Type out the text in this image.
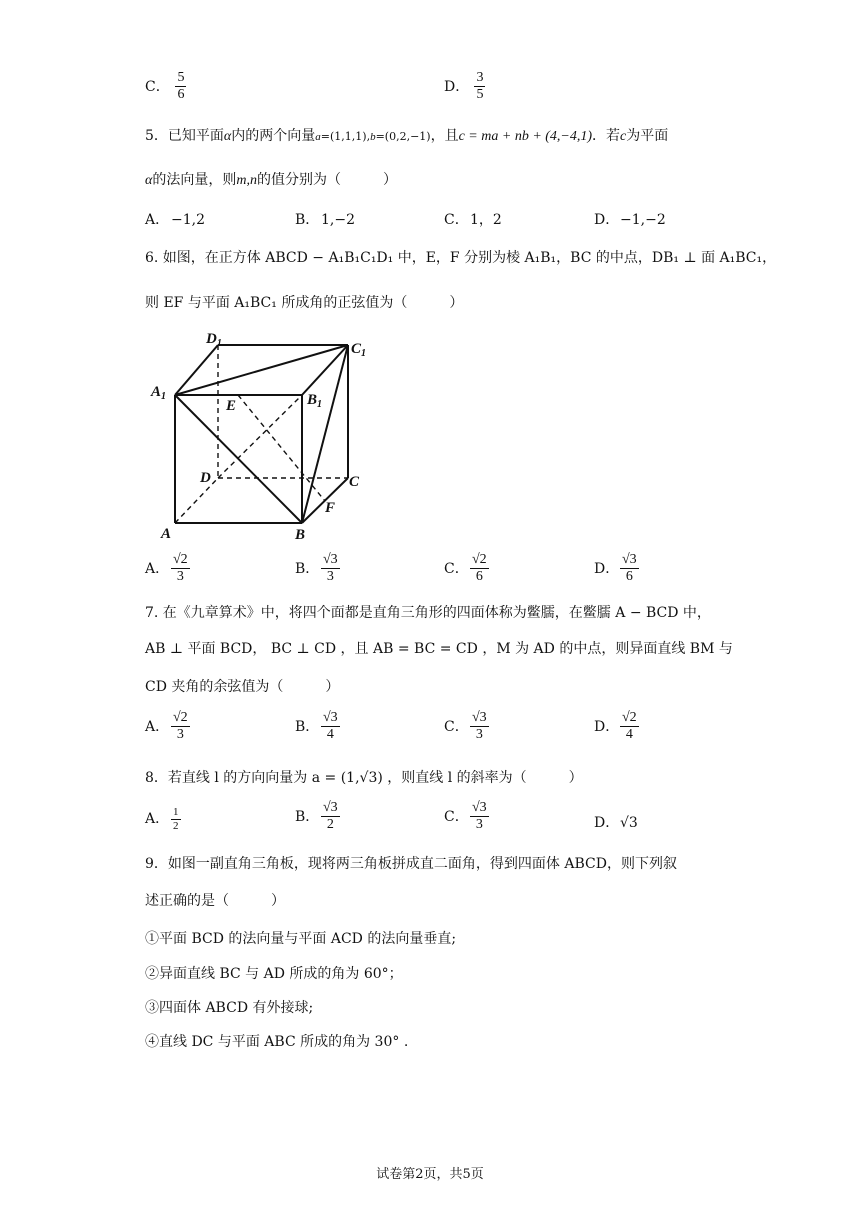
C． $\frac{5}{6}$	D． $\frac{3}{5}$
5．已知平面α内的两个向量a=(1,1,1),b=(0,2,−1)，且c = ma + nb + (4,−4,1)．若c为平面
α的法向量，则m,n的值分别为（　　　）
A． −1,2	B． 1,−2	C．1，2	D．−1,−2
6. 如图，在正方体 ABCD − A₁B₁C₁D₁ 中，E，F 分别为棱 A₁B₁，BC 的中点，DB₁ ⊥ 面 A₁BC₁，
则 EF 与平面 A₁BC₁ 所成角的正弦值为（　　　）
$D_1$	$C_1$
$A_1$
E	$B_1$
D	C
F
A	B
A． $\frac{√2}{3}$	B． $\frac{√3}{3}$	C． $\frac{√2}{6}$	D． $\frac{√3}{6}$
7. 在《九章算术》中，将四个面都是直角三角形的四面体称为鳖臑，在鳖臑 A − BCD 中，
AB ⊥ 平面 BCD， BC ⊥ CD ，且 AB = BC = CD ，M 为 AD 的中点，则异面直线 BM 与
CD 夹角的余弦值为（　　　）
A． $\frac{√2}{3}$	B． $\frac{√3}{4}$	C． $\frac{√3}{3}$	D． $\frac{√2}{4}$
8．若直线 l 的方向向量为 a = (1,√3) ，则直线 l 的斜率为（　　　）
A． $\frac{1}{2}$	B． $\frac{√3}{2}$	C． $\frac{√3}{3}$	D．√3
9．如图一副直角三角板，现将两三角板拼成直二面角，得到四面体 ABCD，则下列叙
述正确的是（　　　）
①平面 BCD 的法向量与平面 ACD 的法向量垂直;
②异面直线 BC 与 AD 所成的角为 60°；
③四面体 ABCD 有外接球;
④直线 DC 与平面 ABC 所成的角为 30° .
试卷第2页，共5页
